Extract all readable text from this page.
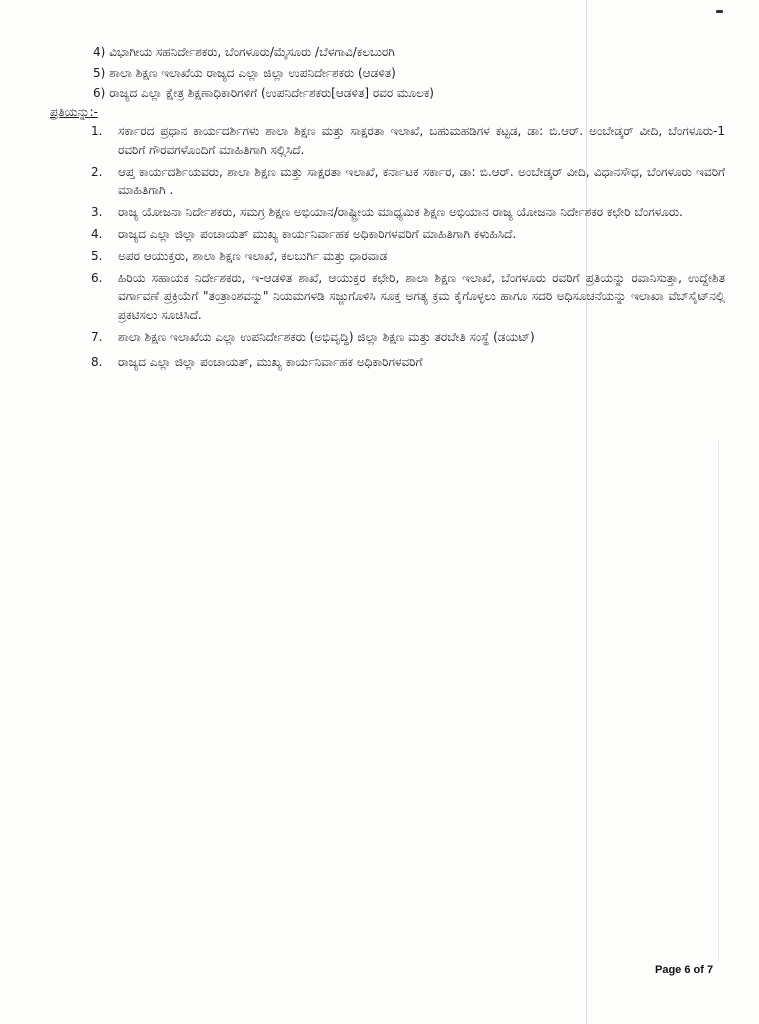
4) ವಿಭಾಗೀಯ ಸಹನಿರ್ದೇಶಕರು, ಬೆಂಗಳೂರು/ಮೈಸೂರು /ಬೆಳಗಾವಿ/ಕಲಬುರಗಿ
5) ಶಾಲಾ ಶಿಕ್ಷಣ ಇಲಾಖೆಯ ರಾಜ್ಯದ ಎಲ್ಲಾ ಜಿಲ್ಲಾ ಉಪನಿರ್ದೇಶಕರು (ಆಡಳಿತ)
6) ರಾಜ್ಯದ ಎಲ್ಲಾ ಕ್ಷೇತ್ರ ಶಿಕ್ಷಣಾಧಿಕಾರಿಗಳಿಗೆ (ಉಪನಿರ್ದೇಶಕರು[ಆಡಳಿತ] ರವರ ಮೂಲಕ)
ಪ್ರತಿಯನ್ನು:-
1.	ಸರ್ಕಾರದ ಪ್ರಧಾನ ಕಾರ್ಯದರ್ಶಿಗಳು ಶಾಲಾ ಶಿಕ್ಷಣ ಮತ್ತು ಸಾಕ್ಷರತಾ ಇಲಾಖೆ, ಬಹುಮಹಡಿಗಳ ಕಟ್ಟಡ, ಡಾ: ಬಿ.ಆರ್. ಅಂಬೇಡ್ಕರ್ ವೀದಿ, ಬೆಂಗಳೂರು-1 ರವರಿಗೆ ಗೌರವಗಳೊಂದಿಗೆ ಮಾಹಿತಿಗಾಗಿ ಸಲ್ಲಿಸಿದೆ.
2.	ಆಪ್ತ ಕಾರ್ಯದರ್ಶಿಯವರು, ಶಾಲಾ ಶಿಕ್ಷಣ ಮತ್ತು ಸಾಕ್ಷರತಾ ಇಲಾಖೆ, ಕರ್ನಾಟಕ ಸರ್ಕಾರ, ಡಾ: ಬಿ.ಆರ್. ಅಂಬೇಡ್ಕರ್ ವೀದಿ, ವಿಧಾನಸೌಧ, ಬೆಂಗಳೂರು ಇವರಿಗೆ ಮಾಹಿತಿಗಾಗಿ .
3.	ರಾಜ್ಯ ಯೋಜನಾ ನಿರ್ದೇಶಕರು, ಸಮಗ್ರ ಶಿಕ್ಷಣ ಅಭಿಯಾನ/ರಾಷ್ಟ್ರೀಯ ಮಾಧ್ಯಮಿಕ ಶಿಕ್ಷಣ ಅಭಿಯಾನ ರಾಜ್ಯ ಯೋಜನಾ ನಿರ್ದೇಶಕರ ಕಛೇರಿ ಬೆಂಗಳೂರು.
4.	ರಾಜ್ಯದ ಎಲ್ಲಾ ಜಿಲ್ಲಾ ಪಂಚಾಯತ್ ಮುಖ್ಯ ಕಾರ್ಯನಿರ್ವಾಹಕ ಅಧಿಕಾರಿಗಳವರಿಗೆ ಮಾಹಿತಿಗಾಗಿ ಕಳುಹಿಸಿದೆ.
5.	ಅಪರ ಆಯುಕ್ತರು, ಶಾಲಾ ಶಿಕ್ಷಣ ಇಲಾಖೆ, ಕಲಬುರ್ಗಿ ಮತ್ತು ಧಾರವಾಡ
6.	ಹಿರಿಯ ಸಹಾಯಕ ನಿರ್ದೇಶಕರು, ಇ-ಆಡಳಿತ ಶಾಖೆ, ಆಯುಕ್ತರ ಕಛೇರಿ, ಶಾಲಾ ಶಿಕ್ಷಣ ಇಲಾಖೆ, ಬೆಂಗಳೂರು ರವರಿಗೆ ಪ್ರತಿಯನ್ನು ರವಾನಿಸುತ್ತಾ, ಉದ್ದೇಶಿತ ವರ್ಗಾವಣೆ ಪ್ರಕ್ರಿಯೆಗೆ "ತಂತ್ರಾಂಶವನ್ನು" ನಿಯಮಗಳಡಿ ಸಜ್ಜುಗೊಳಿಸಿ ಸೂಕ್ತ ಅಗತ್ಯ ಕ್ರಮ ಕೈಗೊಳ್ಳಲು ಹಾಗೂ ಸದರಿ ಅಧಿಸೂಚನೆಯನ್ನು ಇಲಾಖಾ ವೆಬ್‌ಸೈಟ್‌ನಲ್ಲಿ ಪ್ರಕಟಿಸಲು ಸೂಚಿಸಿದೆ.
7.	ಶಾಲಾ ಶಿಕ್ಷಣ ಇಲಾಖೆಯ ಎಲ್ಲಾ ಉಪನಿರ್ದೇಶಕರು (ಅಭಿವೃದ್ಧಿ) ಜಿಲ್ಲಾ ಶಿಕ್ಷಣ ಮತ್ತು ತರಬೇತಿ ಸಂಸ್ಥೆ (ಡಯಟ್)
8.	ರಾಜ್ಯದ ಎಲ್ಲಾ ಜಿಲ್ಲಾ ಪಂಚಾಯತ್, ಮುಖ್ಯ ಕಾರ್ಯನಿರ್ವಾಹಕ ಅಧಿಕಾರಿಗಳವರಿಗೆ
Page 6 of 7
